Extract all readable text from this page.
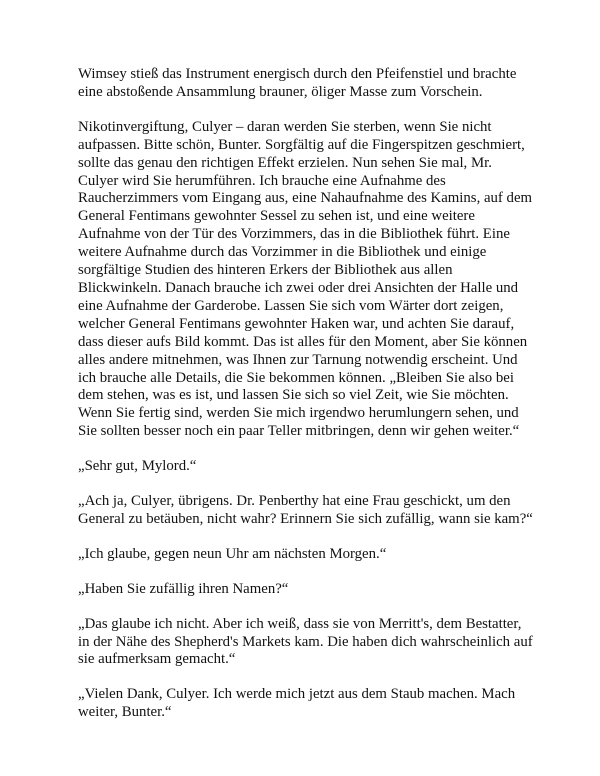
Wimsey stieß das Instrument energisch durch den Pfeifenstiel und brachte eine abstoßende Ansammlung brauner, öliger Masse zum Vorschein.

Nikotinvergiftung, Culyer – daran werden Sie sterben, wenn Sie nicht aufpassen. Bitte schön, Bunter. Sorgfältig auf die Fingerspitzen geschmiert, sollte das genau den richtigen Effekt erzielen. Nun sehen Sie mal, Mr. Culyer wird Sie herumführen. Ich brauche eine Aufnahme des Raucherzimmers vom Eingang aus, eine Nahaufnahme des Kamins, auf dem General Fentimans gewohnter Sessel zu sehen ist, und eine weitere Aufnahme von der Tür des Vorzimmers, das in die Bibliothek führt. Eine weitere Aufnahme durch das Vorzimmer in die Bibliothek und einige sorgfältige Studien des hinteren Erkers der Bibliothek aus allen Blickwinkeln. Danach brauche ich zwei oder drei Ansichten der Halle und eine Aufnahme der Garderobe. Lassen Sie sich vom Wärter dort zeigen, welcher General Fentimans gewohnter Haken war, und achten Sie darauf, dass dieser aufs Bild kommt. Das ist alles für den Moment, aber Sie können alles andere mitnehmen, was Ihnen zur Tarnung notwendig erscheint. Und ich brauche alle Details, die Sie bekommen können. „Bleiben Sie also bei dem stehen, was es ist, und lassen Sie sich so viel Zeit, wie Sie möchten. Wenn Sie fertig sind, werden Sie mich irgendwo herumlungern sehen, und Sie sollten besser noch ein paar Teller mitbringen, denn wir gehen weiter.“

„Sehr gut, Mylord.“

„Ach ja, Culyer, übrigens. Dr. Penberthy hat eine Frau geschickt, um den General zu betäuben, nicht wahr? Erinnern Sie sich zufällig, wann sie kam?“

„Ich glaube, gegen neun Uhr am nächsten Morgen.“

„Haben Sie zufällig ihren Namen?“

„Das glaube ich nicht. Aber ich weiß, dass sie von Merritt's, dem Bestatter, in der Nähe des Shepherd's Markets kam. Die haben dich wahrscheinlich auf sie aufmerksam gemacht.“

„Vielen Dank, Culyer. Ich werde mich jetzt aus dem Staub machen. Mach weiter, Bunter.“
